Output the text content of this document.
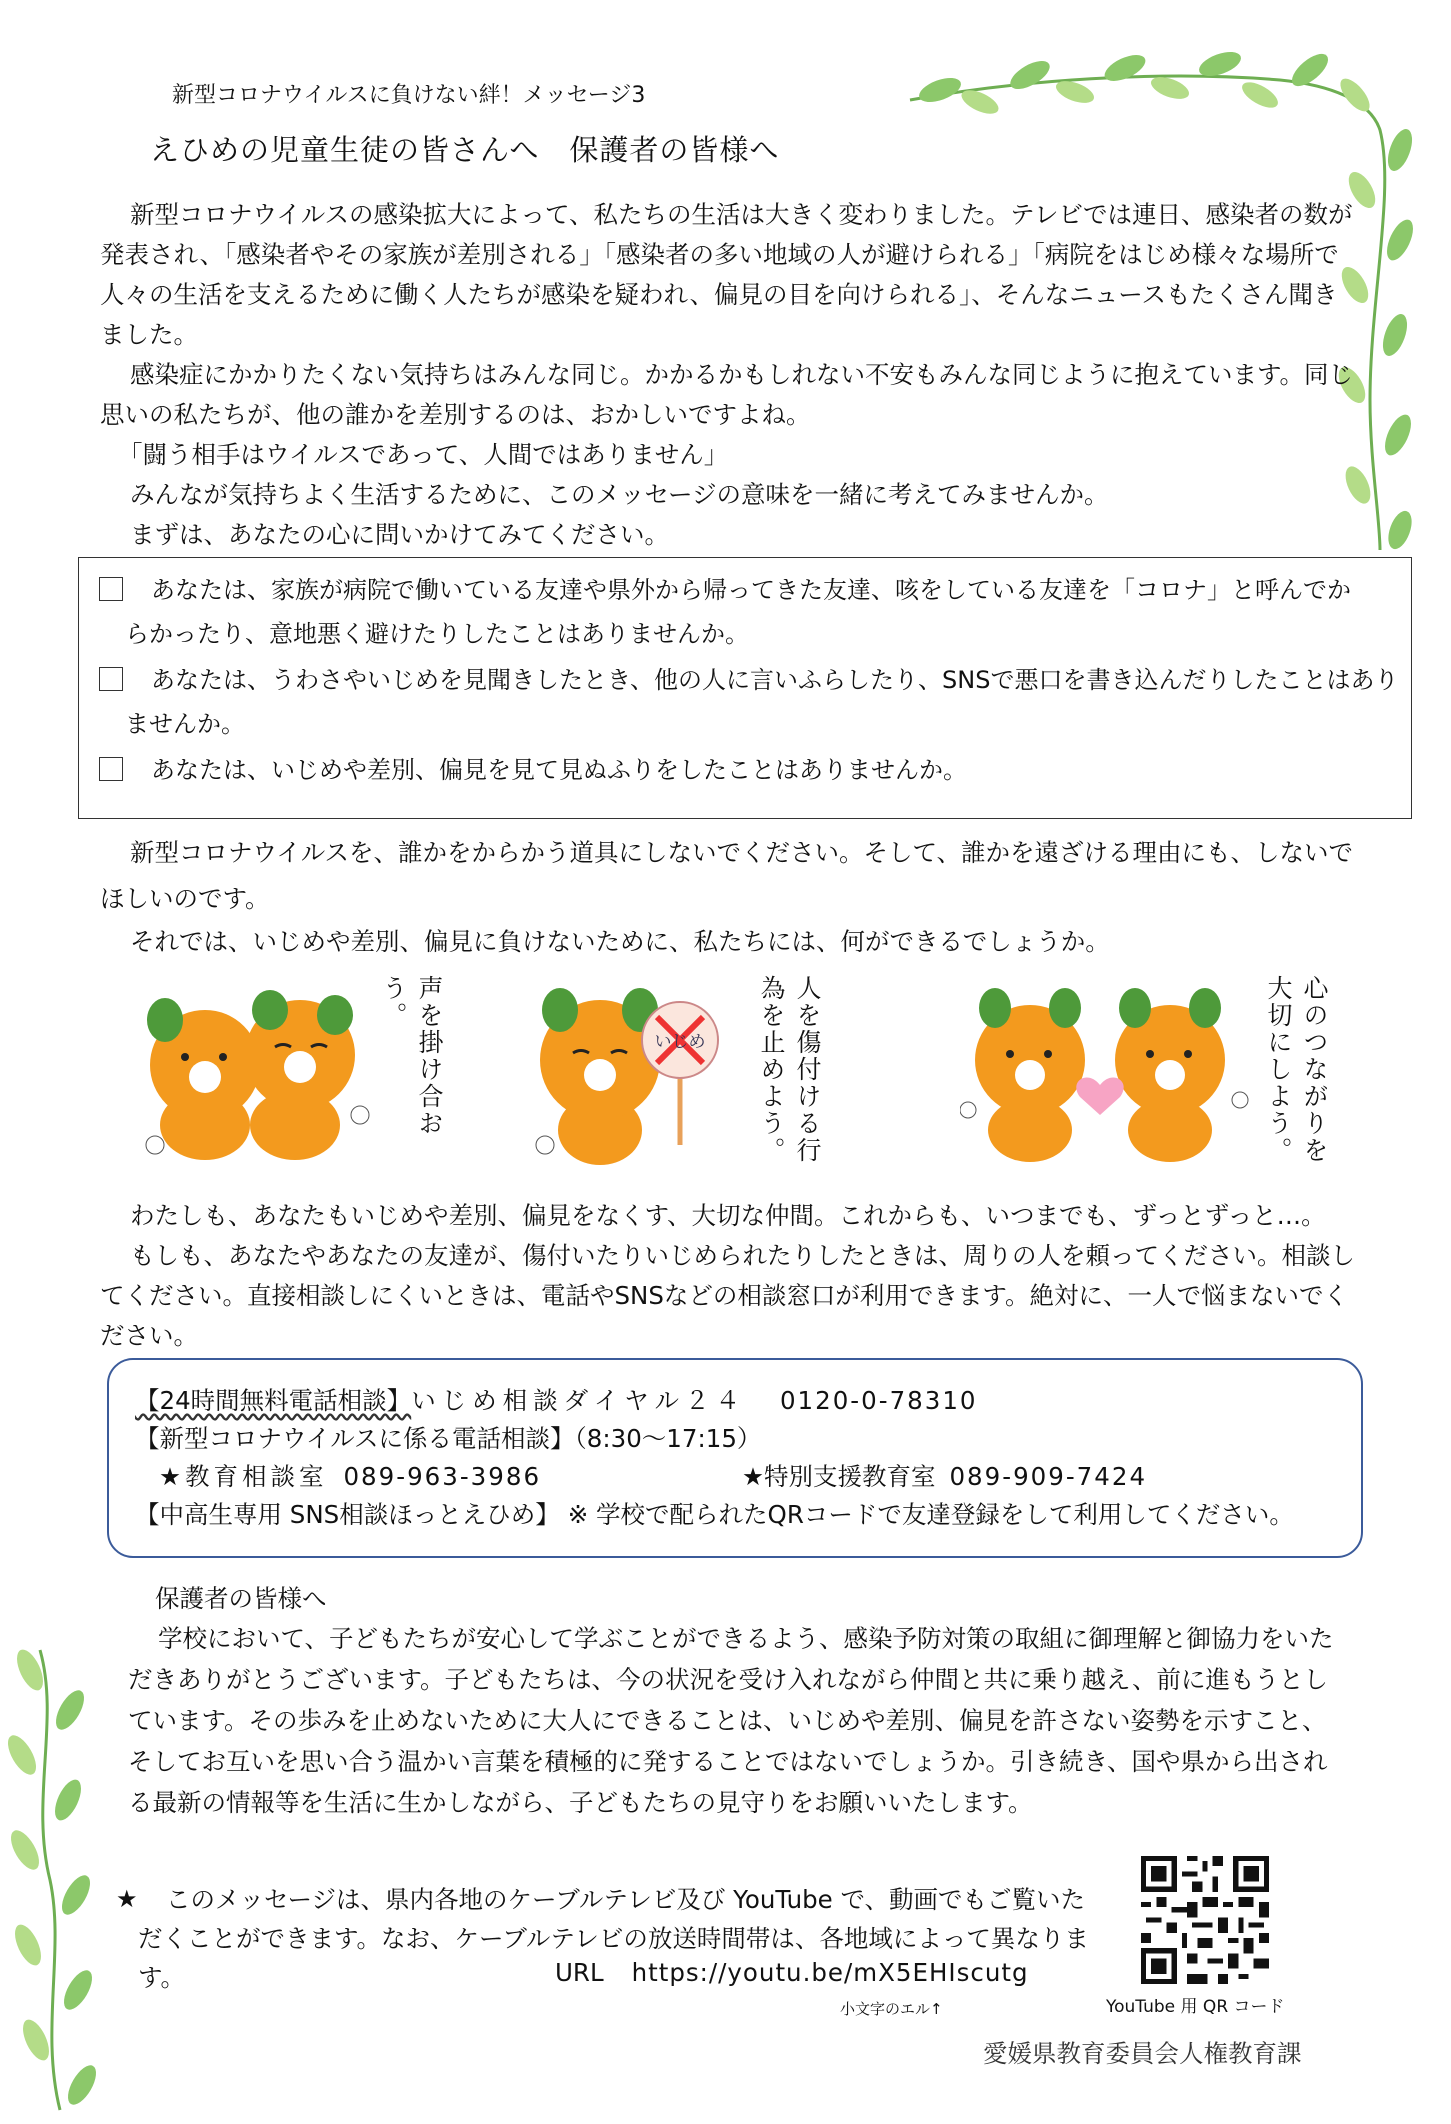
新型コロナウイルスに負けない絆！メッセージ3
えひめの児童生徒の皆さんへ　保護者の皆様へ
新型コロナウイルスの感染拡大によって、私たちの生活は大きく変わりました。テレビでは連日、感染者の数が発表され、「感染者やその家族が差別される」「感染者の多い地域の人が避けられる」「病院をはじめ様々な場所で人々の生活を支えるために働く人たちが感染を疑われ、偏見の目を向けられる」、そんなニュースもたくさん聞きました。
感染症にかかりたくない気持ちはみんな同じ。かかるかもしれない不安もみんな同じように抱えています。同じ思いの私たちが、他の誰かを差別するのは、おかしいですよね。
「闘う相手はウイルスであって、人間ではありません」
みんなが気持ちよく生活するために、このメッセージの意味を一緒に考えてみませんか。
まずは、あなたの心に問いかけてみてください。
あなたは、家族が病院で働いている友達や県外から帰ってきた友達、咳をしている友達を「コロナ」と呼んでか
らかったり、意地悪く避けたりしたことはありませんか。
あなたは、うわさやいじめを見聞きしたとき、他の人に言いふらしたり、SNSで悪口を書き込んだりしたことはあり
ませんか。
あなたは、いじめや差別、偏見を見て見ぬふりをしたことはありませんか。
新型コロナウイルスを、誰かをからかう道具にしないでください。そして、誰かを遠ざける理由にも、しないでほしいのです。
それでは、いじめや差別、偏見に負けないために、私たちには、何ができるでしょうか。
声を掛け合おう。
いじめ	人を傷付ける行為を止めよう。	心のつながりを大切にしよう。
わたしも、あなたもいじめや差別、偏見をなくす、大切な仲間。これからも、いつまでも、ずっとずっと…。
もしも、あなたやあなたの友達が、傷付いたりいじめられたりしたときは、周りの人を頼ってください。相談してください。直接相談しにくいときは、電話やSNSなどの相談窓口が利用できます。絶対に、一人で悩まないでください。
【24時間無料電話相談】いじめ相談ダイヤル２４ 0120-0-78310
【新型コロナウイルスに係る電話相談】（8:30～17:15）
★教育相談室 089-963-3986	★特別支援教育室 089-909-7424
【中高生専用 SNS相談ほっとえひめ】 ※ 学校で配られたQRコードで友達登録をして利用してください。
保護者の皆様へ
学校において、子どもたちが安心して学ぶことができるよう、感染予防対策の取組に御理解と御協力をいただきありがとうございます。子どもたちは、今の状況を受け入れながら仲間と共に乗り越え、前に進もうとしています。その歩みを止めないために大人にできることは、いじめや差別、偏見を許さない姿勢を示すこと、そしてお互いを思い合う温かい言葉を積極的に発することではないでしょうか。引き続き、国や県から出される最新の情報等を生活に生かしながら、子どもたちの見守りをお願いいたします。
★	このメッセージは、県内各地のケーブルテレビ及び YouTube で、動画でもご覧いただくことができます。なお、ケーブルテレビの放送時間帯は、各地域によって異なります。	URL https://youtu.be/mX5EHIscutg
小文字のエル↑	YouTube 用 QR コード
愛媛県教育委員会人権教育課
